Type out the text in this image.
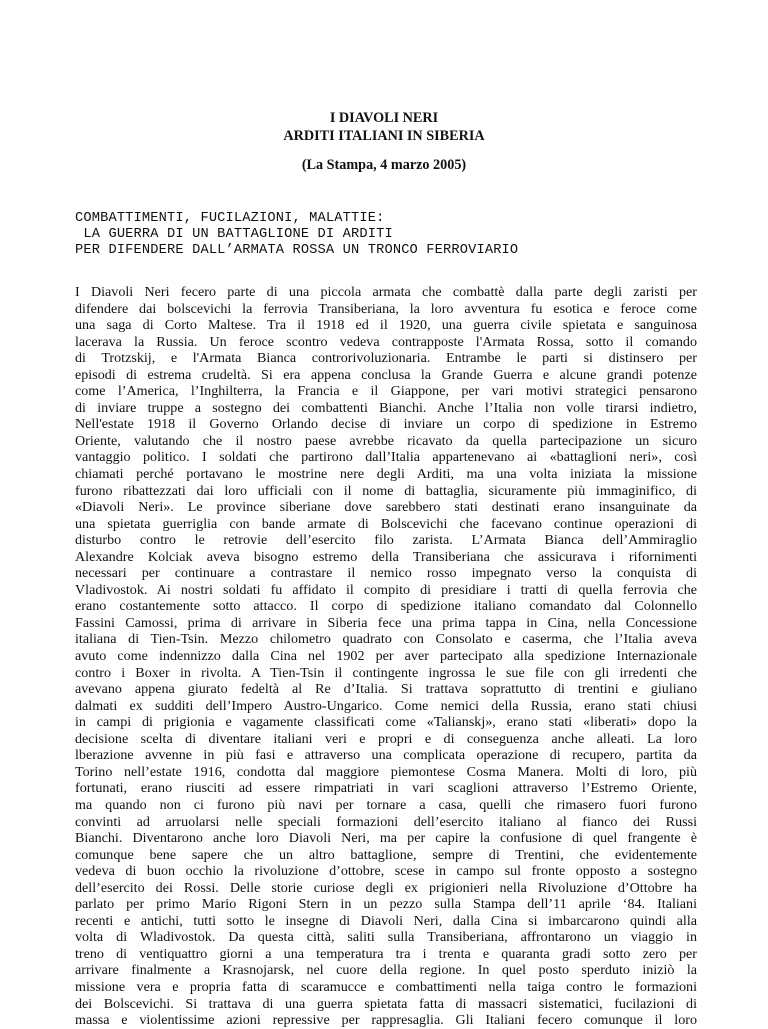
I DIAVOLI NERI
ARDITI ITALIANI IN SIBERIA
(La Stampa, 4 marzo 2005)
COMBATTIMENTI, FUCILAZIONI, MALATTIE:
LA GUERRA DI UN BATTAGLIONE DI ARDITI
PER DIFENDERE DALL’ARMATA ROSSA UN TRONCO FERROVIARIO
I Diavoli Neri fecero parte di una piccola armata che combattè dalla parte degli zaristi per
difendere dai bolscevichi la ferrovia Transiberiana, la loro avventura fu esotica e feroce come
una saga di Corto Maltese. Tra il 1918 ed il 1920, una guerra civile spietata e sanguinosa
lacerava la Russia. Un feroce scontro vedeva contrapposte l'Armata Rossa, sotto il comando
di Trotzskij, e l'Armata Bianca controrivoluzionaria. Entrambe le parti si distinsero per
episodi di estrema crudeltà. Si era appena conclusa la Grande Guerra e alcune grandi potenze
come l’America, l’Inghilterra, la Francia e il Giappone, per vari motivi strategici pensarono
di inviare truppe a sostegno dei combattenti Bianchi. Anche l’Italia non volle tirarsi indietro,
Nell'estate 1918 il Governo Orlando decise di inviare un corpo di spedizione in Estremo
Oriente, valutando che il nostro paese avrebbe ricavato da quella partecipazione un sicuro
vantaggio politico. I soldati che partirono dall’Italia appartenevano ai «battaglioni neri», così
chiamati perché portavano le mostrine nere degli Arditi, ma una volta iniziata la missione
furono ribattezzati dai loro ufficiali con il nome di battaglia, sicuramente più immaginifico, di
«Diavoli Neri». Le province siberiane dove sarebbero stati destinati erano insanguinate da
una spietata guerriglia con bande armate di Bolscevichi che facevano continue operazioni di
disturbo contro le retrovie dell’esercito filo zarista. L’Armata Bianca dell’Ammiraglio
Alexandre Kolciak aveva bisogno estremo della Transiberiana che assicurava i rifornimenti
necessari per continuare a contrastare il nemico rosso impegnato verso la conquista di
Vladivostok. Ai nostri soldati fu affidato il compito di presidiare i tratti di quella ferrovia che
erano costantemente sotto attacco. Il corpo di spedizione italiano comandato dal Colonnello
Fassini Camossi, prima di arrivare in Siberia fece una prima tappa in Cina, nella Concessione
italiana di Tien-Tsin. Mezzo chilometro quadrato con Consolato e caserma, che l’Italia aveva
avuto come indennizzo dalla Cina nel 1902 per aver partecipato alla spedizione Internazionale
contro i Boxer in rivolta. A Tien-Tsin il contingente ingrossa le sue file con gli irredenti che
avevano appena giurato fedeltà al Re d’Italia. Si trattava soprattutto di trentini e giuliano
dalmati ex sudditi dell’Impero Austro-Ungarico. Come nemici della Russia, erano stati chiusi
in campi di prigionia e vagamente classificati come «Talianskj», erano stati «liberati» dopo la
decisione scelta di diventare italiani veri e propri e di conseguenza anche alleati. La loro
lberazione avvenne in più fasi e attraverso una complicata operazione di recupero, partita da
Torino nell’estate 1916, condotta dal maggiore piemontese Cosma Manera. Molti di loro, più
fortunati, erano riusciti ad essere rimpatriati in vari scaglioni attraverso l’Estremo Oriente,
ma quando non ci furono più navi per tornare a casa, quelli che rimasero fuori furono
convinti ad arruolarsi nelle speciali formazioni dell’esercito italiano al fianco dei Russi
Bianchi. Diventarono anche loro Diavoli Neri, ma per capire la confusione di quel frangente è
comunque bene sapere che un altro battaglione, sempre di Trentini, che evidentemente
vedeva di buon occhio la rivoluzione d’ottobre, scese in campo sul fronte opposto a sostegno
dell’esercito dei Rossi. Delle storie curiose degli ex prigionieri nella Rivoluzione d’Ottobre ha
parlato per primo Mario Rigoni Stern in un pezzo sulla Stampa dell’11 aprile ‘84. Italiani
recenti e antichi, tutti sotto le insegne di Diavoli Neri, dalla Cina si imbarcarono quindi alla
volta di Wladivostok. Da questa città, saliti sulla Transiberiana, affrontarono un viaggio in
treno di ventiquattro giorni a una temperatura tra i trenta e quaranta gradi sotto zero per
arrivare finalmente a Krasnojarsk, nel cuore della regione. In quel posto sperduto iniziò la
missione vera e propria fatta di scaramucce e combattimenti nella taiga contro le formazioni
dei Bolscevichi. Si trattava di una guerra spietata fatta di massacri sistematici, fucilazioni di
massa e violentissime azioni repressive per rappresaglia. Gli Italiani fecero comunque il loro
